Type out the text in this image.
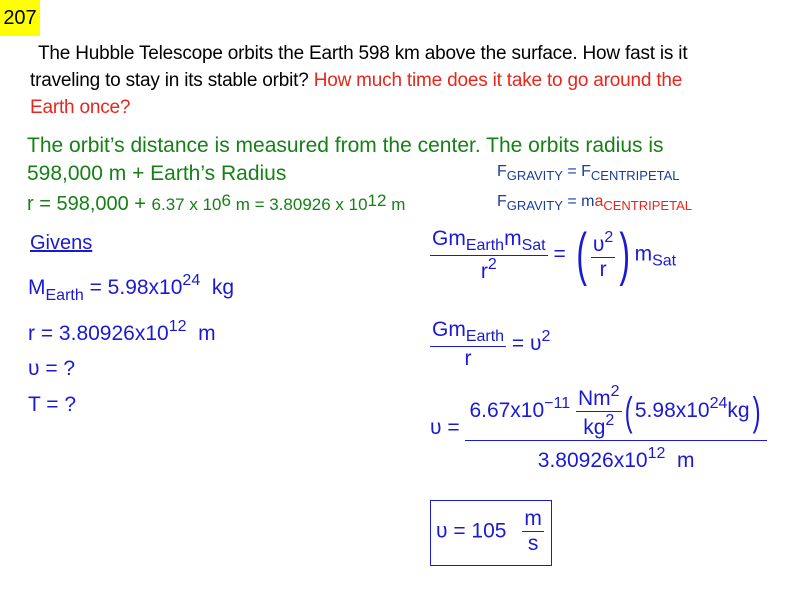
207
The Hubble Telescope orbits the Earth 598 km above the surface. How fast is it
traveling to stay in its stable orbit? How much time does it take to go around the
Earth once?
The orbit’s distance is measured from the center. The orbits radius is
598,000 m + Earth’s Radius
r = 598,000 + 6.37 x $10^6$ m = 3.80926 x $10^{12}$ m
$F_{GRAVITY} = F_{CENTRIPETAL}$
$F_{GRAVITY} = ma_{CENTRIPETAL}$
Givens
$M_{Earth} = 5.98x10^{24}$  kg
$r = 3.80926x10^{12}$  m
υ = ?
T = ?
$\frac{Gm_{Earth}m_{Sat}}{r^2}$ = ( $\frac{\upsilon^2}{r}$ ) $m_{Sat}$
$\frac{Gm_{Earth}}{r} = \upsilon^2$
υ =
$6.67x10^{-11} \frac{Nm^2}{kg^2}$ ( $5.98x10^{24}kg$)
$3.80926x10^{12}$  m
$\upsilon = 105 \frac{m}{s}$
